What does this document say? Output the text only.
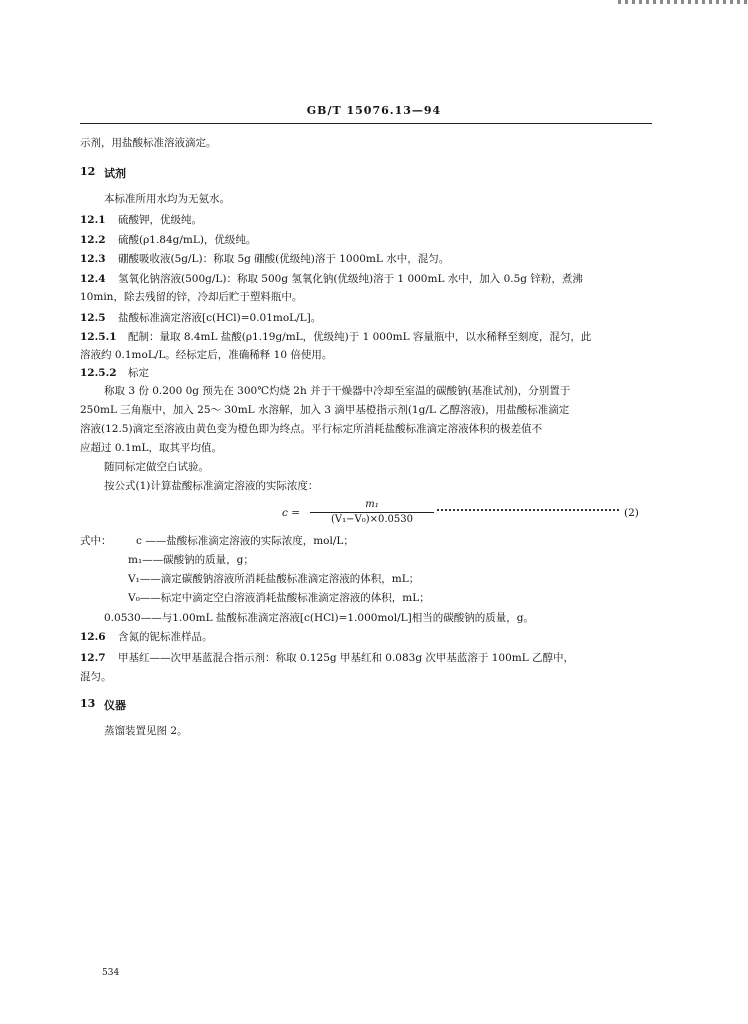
GB/T 15076.13—94
示剂，用盐酸标准溶液滴定。
12 试剂
本标准所用水均为无氨水。
12.1 硫酸钾，优级纯。
12.2 硫酸(ρ1.84g/mL)，优级纯。
12.3 硼酸吸收液(5g/L)：称取 5g 硼酸(优级纯)溶于 1000mL 水中，混匀。
12.4 氢氧化钠溶液(500g/L)：称取 500g 氢氧化钠(优级纯)溶于 1 000mL 水中，加入 0.5g 锌粉，煮沸
10min，除去残留的锌，冷却后贮于塑料瓶中。
12.5 盐酸标准滴定溶液[c(HCl)=0.01moL/L]。
12.5.1 配制：量取 8.4mL 盐酸(ρ1.19g/mL，优级纯)于 1 000mL 容量瓶中，以水稀释至刻度，混匀，此
溶液约 0.1moL/L。经标定后，准确稀释 10 倍使用。
12.5.2 标定
称取 3 份 0.200 0g 预先在 300℃灼烧 2h 并于干燥器中冷却至室温的碳酸钠(基准试剂)，分别置于
250mL 三角瓶中，加入 25～ 30mL 水溶解，加入 3 滴甲基橙指示剂(1g/L 乙醇溶液)，用盐酸标准滴定
溶液(12.5)滴定至溶液由黄色变为橙色即为终点。平行标定所消耗盐酸标准滴定溶液体积的极差值不
应超过 0.1mL，取其平均值。
随同标定做空白试验。
按公式(1)计算盐酸标准滴定溶液的实际浓度：
c =
m₁
(V₁−V₀)×0.0530
(2)
式中： c ——盐酸标准滴定溶液的实际浓度，mol/L；
m₁——碳酸钠的质量，g；
V₁——滴定碳酸钠溶液所消耗盐酸标准滴定溶液的体积，mL；
V₀——标定中滴定空白溶液消耗盐酸标准滴定溶液的体积，mL；
0.0530——与1.00mL 盐酸标准滴定溶液[c(HCl)=1.000mol/L]相当的碳酸钠的质量，g。
12.6 含氮的铌标准样品。
12.7 甲基红——次甲基蓝混合指示剂：称取 0.125g 甲基红和 0.083g 次甲基蓝溶于 100mL 乙醇中，
混匀。
13 仪器
蒸馏装置见图 2。
534
